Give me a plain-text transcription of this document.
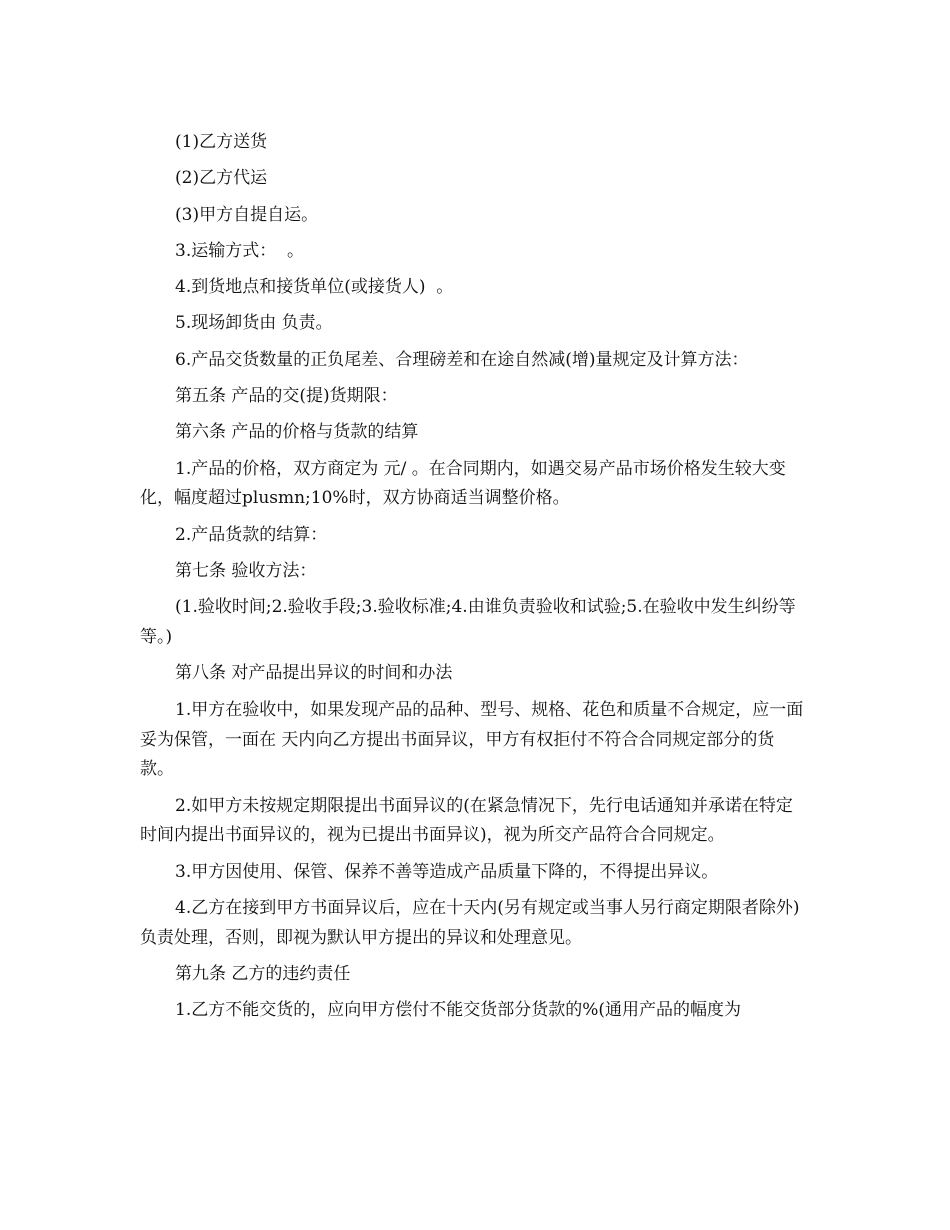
(1)乙方送货

(2)乙方代运

(3)甲方自提自运。

3.运输方式：  。

4.到货地点和接货单位(或接货人)  。

5.现场卸货由 负责。

6.产品交货数量的正负尾差、合理磅差和在途自然减(增)量规定及计算方法：

第五条 产品的交(提)货期限：

第六条 产品的价格与货款的结算

1.产品的价格，双方商定为 元/ 。在合同期内，如遇交易产品市场价格发生较大变化，幅度超过plusmn;10%时，双方协商适当调整价格。

2.产品货款的结算：

第七条 验收方法：

(1.验收时间;2.验收手段;3.验收标准;4.由谁负责验收和试验;5.在验收中发生纠纷等等。)

第八条 对产品提出异议的时间和办法

1.甲方在验收中，如果发现产品的品种、型号、规格、花色和质量不合规定，应一面妥为保管，一面在 天内向乙方提出书面异议，甲方有权拒付不符合合同规定部分的货款。

2.如甲方未按规定期限提出书面异议的(在紧急情况下，先行电话通知并承诺在特定时间内提出书面异议的，视为已提出书面异议)，视为所交产品符合合同规定。

3.甲方因使用、保管、保养不善等造成产品质量下降的，不得提出异议。

4.乙方在接到甲方书面异议后，应在十天内(另有规定或当事人另行商定期限者除外)负责处理，否则，即视为默认甲方提出的异议和处理意见。

第九条 乙方的违约责任

1.乙方不能交货的，应向甲方偿付不能交货部分货款的%(通用产品的幅度为
